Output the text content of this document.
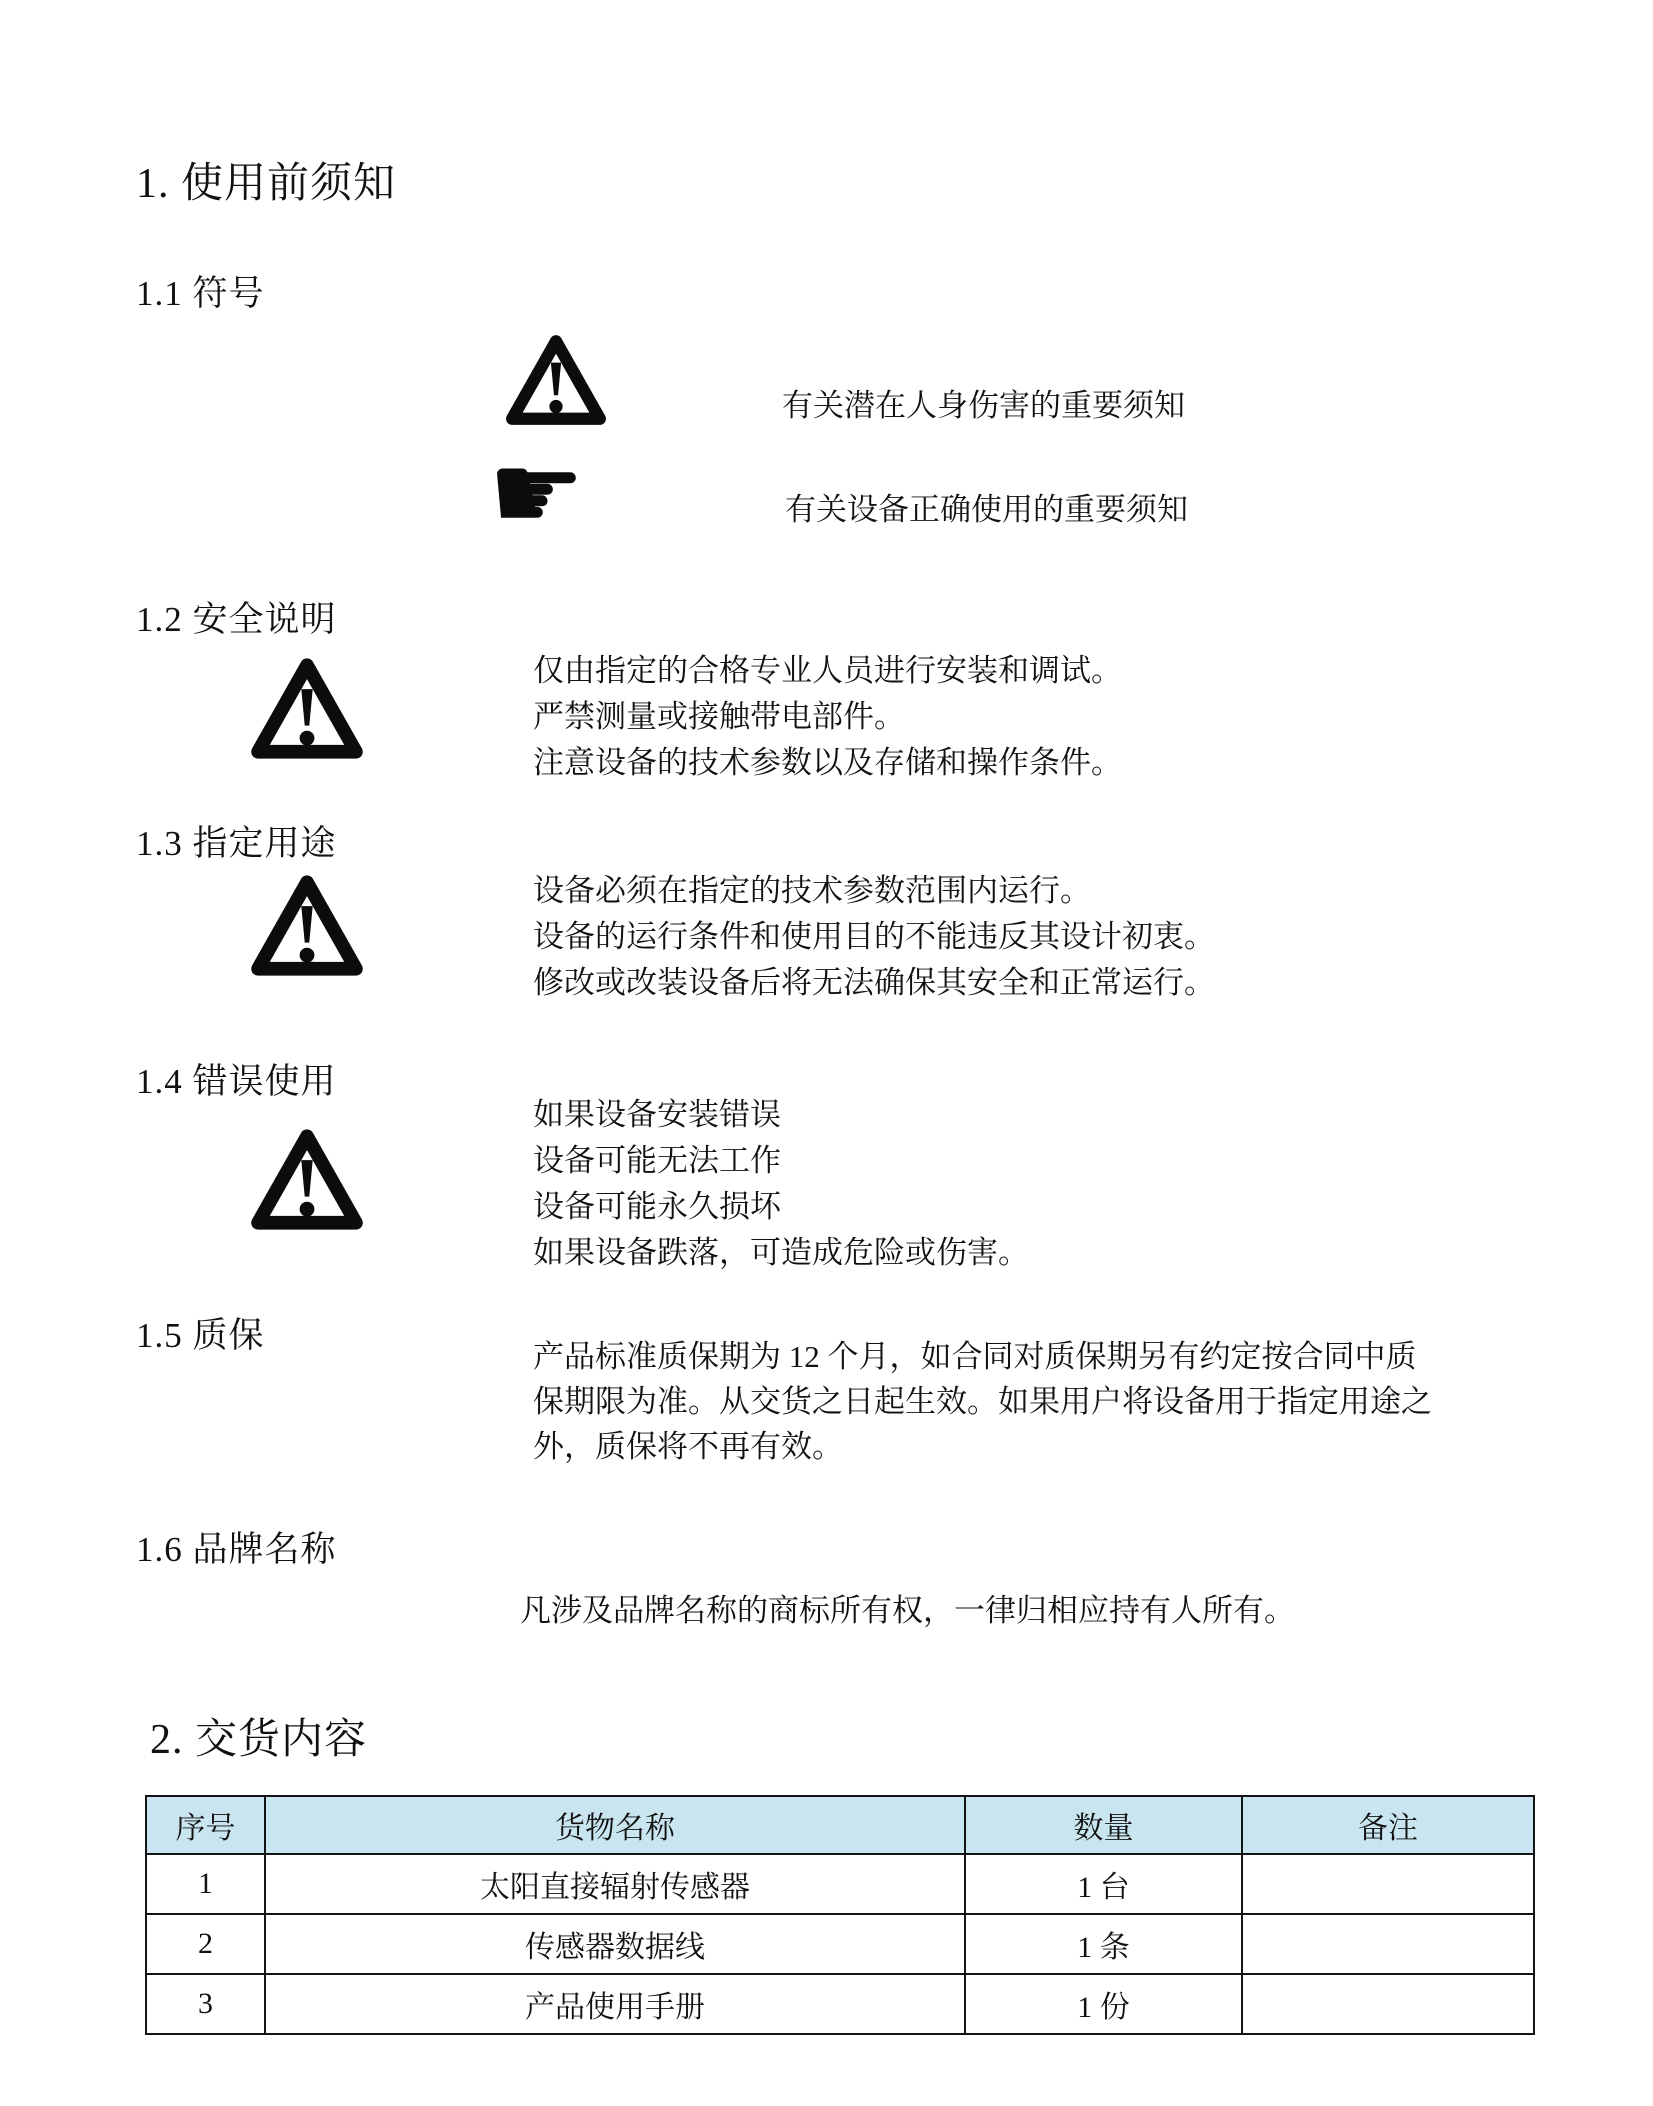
1. 使用前须知
1.1 符号
有关潜在人身伤害的重要须知
☛	有关设备正确使用的重要须知
1.2 安全说明
仅由指定的合格专业人员进行安装和调试。
严禁测量或接触带电部件。
注意设备的技术参数以及存储和操作条件。
1.3 指定用途
设备必须在指定的技术参数范围内运行。
设备的运行条件和使用目的不能违反其设计初衷。
修改或改装设备后将无法确保其安全和正常运行。
1.4 错误使用
如果设备安装错误
设备可能无法工作
设备可能永久损坏
如果设备跌落，可造成危险或伤害。
1.5 质保
产品标准质保期为 12 个月，如合同对质保期另有约定按合同中质
保期限为准。从交货之日起生效。如果用户将设备用于指定用途之
外，质保将不再有效。
1.6 品牌名称
凡涉及品牌名称的商标所有权，一律归相应持有人所有。
2. 交货内容
序号	货物名称	数量	备注
1	太阳直接辐射传感器	1 台	
2	传感器数据线	1 条	
3	产品使用手册	1 份	
